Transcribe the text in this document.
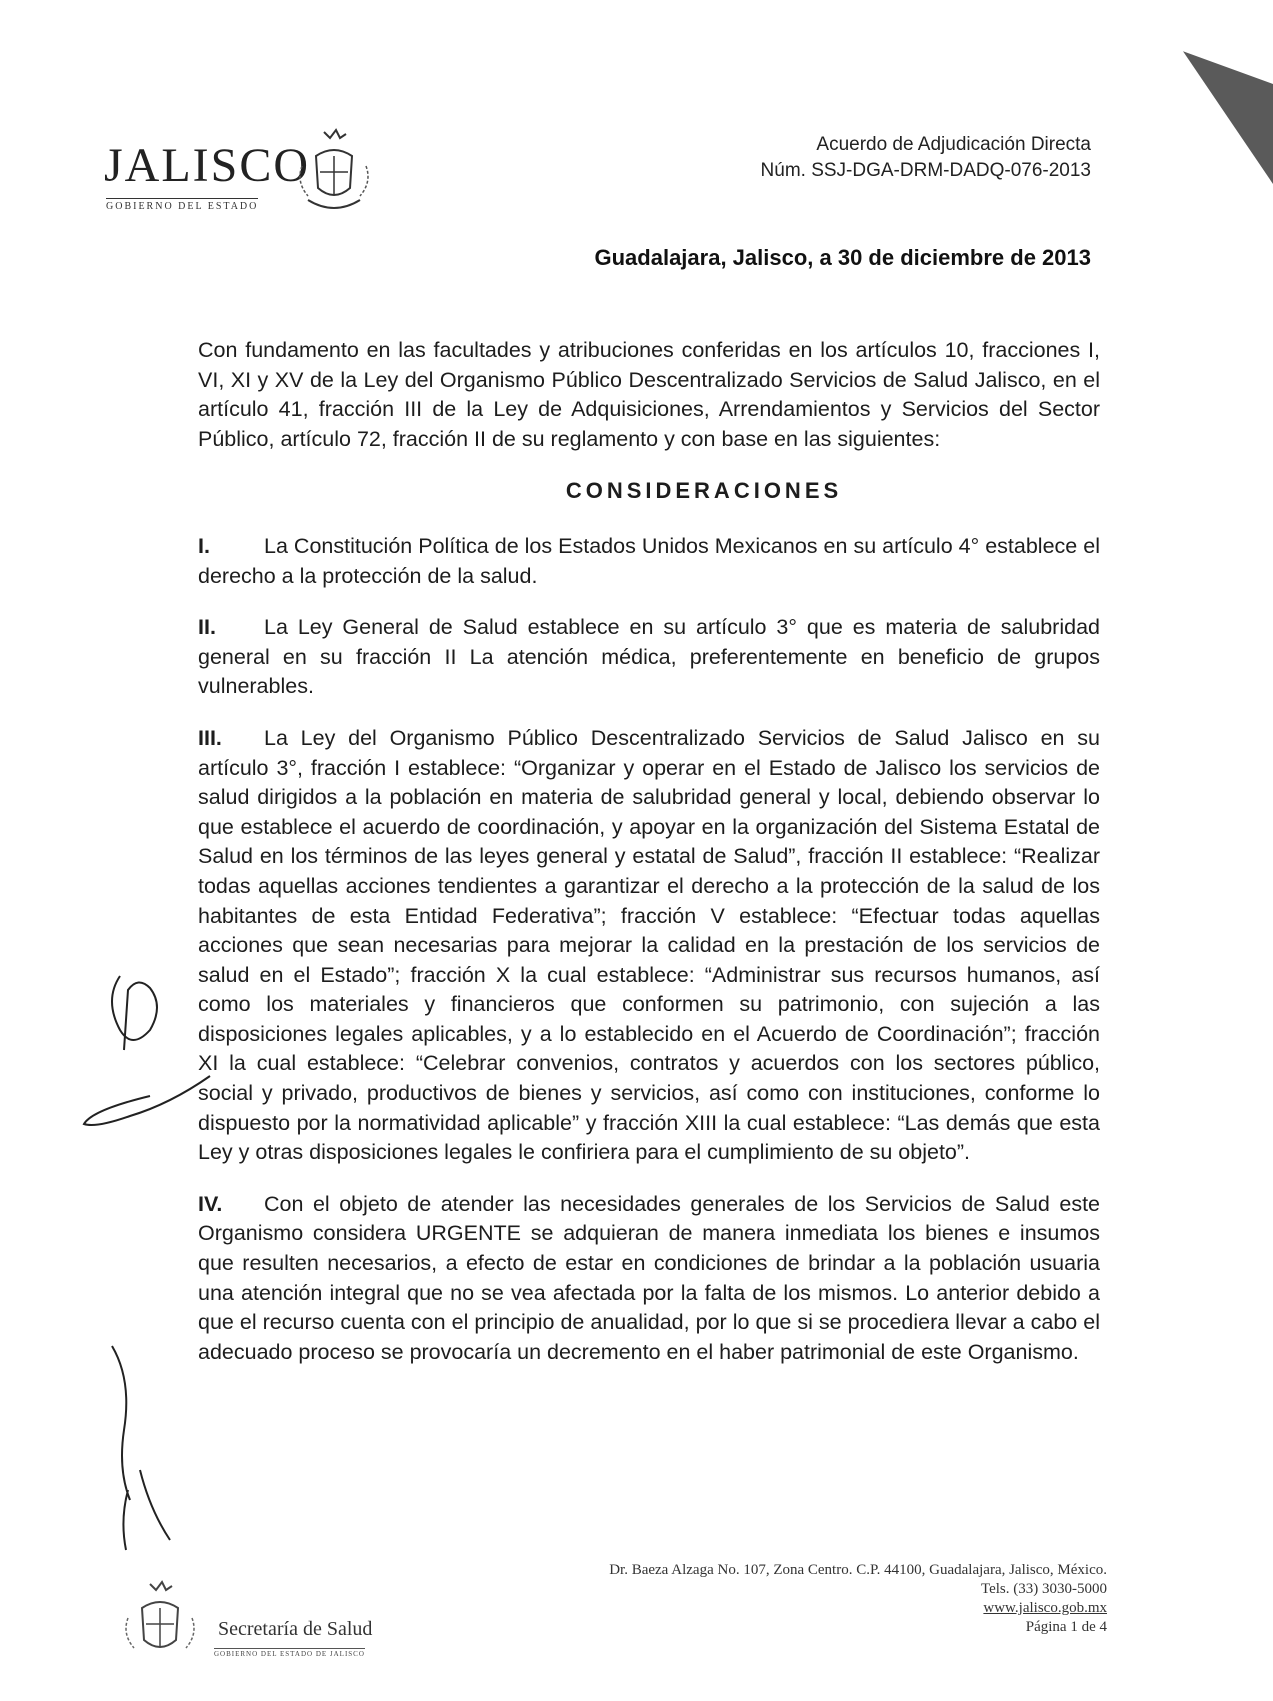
JALISCO
GOBIERNO DEL ESTADO
Acuerdo de Adjudicación Directa
Núm. SSJ-DGA-DRM-DADQ-076-2013
Guadalajara, Jalisco, a 30 de diciembre de 2013

Con fundamento en las facultades y atribuciones conferidas en los artículos 10, fracciones I, VI, XI y XV de la Ley del Organismo Público Descentralizado Servicios de Salud Jalisco, en el artículo 41, fracción III de la Ley de Adquisiciones, Arrendamientos y Servicios del Sector Público, artículo 72, fracción II de su reglamento y con base en las siguientes:

CONSIDERACIONES

I.	La Constitución Política de los Estados Unidos Mexicanos en su artículo 4° establece el derecho a la protección de la salud.

II. La Ley General de Salud establece en su artículo 3° que es materia de salubridad general en su fracción II La atención médica, preferentemente en beneficio de grupos vulnerables.

III. La Ley del Organismo Público Descentralizado Servicios de Salud Jalisco en su artículo 3°, fracción I establece: “Organizar y operar en el Estado de Jalisco los servicios de salud dirigidos a la población en materia de salubridad general y local, debiendo observar lo que establece el acuerdo de coordinación, y apoyar en la organización del Sistema Estatal de Salud en los términos de las leyes general y estatal de Salud”, fracción II establece: “Realizar todas aquellas acciones tendientes a garantizar el derecho a la protección de la salud de los habitantes de esta Entidad Federativa”; fracción V establece: “Efectuar todas aquellas acciones que sean necesarias para mejorar la calidad en la prestación de los servicios de salud en el Estado”; fracción X la cual establece: “Administrar sus recursos humanos, así como los materiales y financieros que conformen su patrimonio, con sujeción a las disposiciones legales aplicables, y a lo establecido en el Acuerdo de Coordinación”; fracción XI la cual establece: “Celebrar convenios, contratos y acuerdos con los sectores público, social y privado, productivos de bienes y servicios, así como con instituciones, conforme lo dispuesto por la normatividad aplicable” y fracción XIII la cual establece: “Las demás que esta Ley y otras disposiciones legales le confiriera para el cumplimiento de su objeto”.

IV. Con el objeto de atender las necesidades generales de los Servicios de Salud este Organismo considera URGENTE se adquieran de manera inmediata los bienes e insumos que resulten necesarios, a efecto de estar en condiciones de brindar a la población usuaria una atención integral que no se vea afectada por la falta de los mismos. Lo anterior debido a que el recurso cuenta con el principio de anualidad, por lo que si se procediera llevar a cabo el adecuado proceso se provocaría un decremento en el haber patrimonial de este Organismo.

Dr. Baeza Alzaga No. 107, Zona Centro. C.P. 44100, Guadalajara, Jalisco, México.
Tels. (33) 3030-5000
www.jalisco.gob.mx
Página 1 de 4
Secretaría de Salud
GOBIERNO DEL ESTADO DE JALISCO
